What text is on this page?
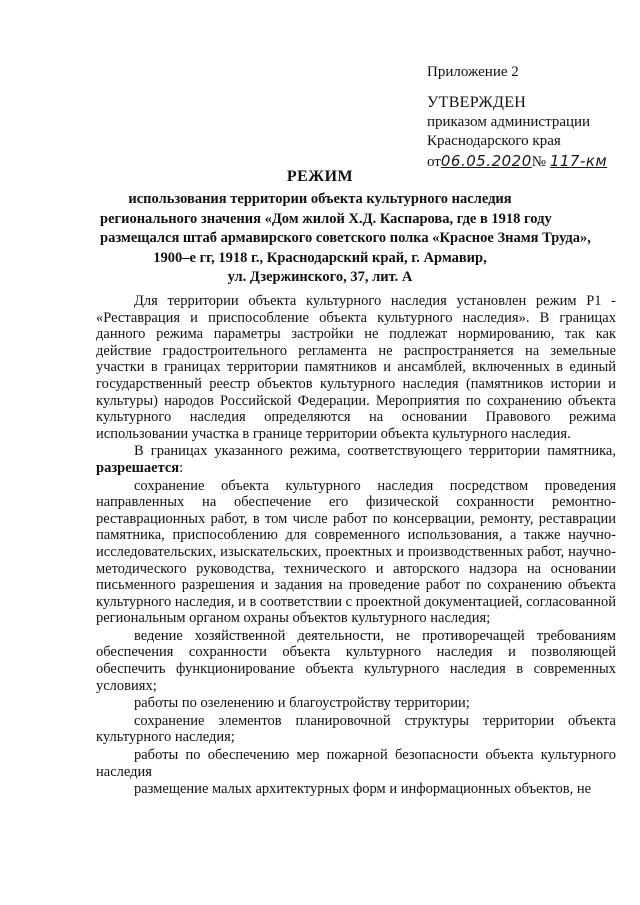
Приложение 2
УТВЕРЖДЕН
приказом администрации
Краснодарского края
от06.05.2020№ 117-км
РЕЖИМ
использования территории объекта культурного наследия
регионального значения «Дом жилой Х.Д. Каспарова, где в 1918 году
размещался штаб армавирского советского полка «Красное Знамя Труда»,
1900–е гг, 1918 г., Краснодарский край, г. Армавир,
ул. Дзержинского, 37, лит. А

Для территории объекта культурного наследия установлен режим Р1 - «Реставрация и приспособление объекта культурного наследия». В границах данного режима параметры застройки не подлежат нормированию, так как действие градостроительного регламента не распространяется на земельные участки в границах территории памятников и ансамблей, включенных в единый государственный реестр объектов культурного наследия (памятников истории и культуры) народов Российской Федерации. Мероприятия по сохранению объекта культурного наследия определяются на основании Правового режима использовании участка в границе территории объекта культурного наследия.

В границах указанного режима, соответствующего территории памятника, разрешается:

сохранение объекта культурного наследия посредством проведения направленных на обеспечение его физической сохранности ремонтно-реставрационных работ, в том числе работ по консервации, ремонту, реставрации памятника, приспособлению для современного использования, а также научно-исследовательских, изыскательских, проектных и производственных работ, научно-методического руководства, технического и авторского надзора на основании письменного разрешения и задания на проведение работ по сохранению объекта культурного наследия, и в соответствии с проектной документацией, согласованной региональным органом охраны объектов культурного наследия;

ведение хозяйственной деятельности, не противоречащей требованиям обеспечения сохранности объекта культурного наследия и позволяющей обеспечить функционирование объекта культурного наследия в современных условиях;

работы по озеленению и благоустройству территории;

сохранение элементов планировочной структуры территории объекта культурного наследия;

работы по обеспечению мер пожарной безопасности объекта культурного наследия

размещение малых архитектурных форм и информационных объектов, не
